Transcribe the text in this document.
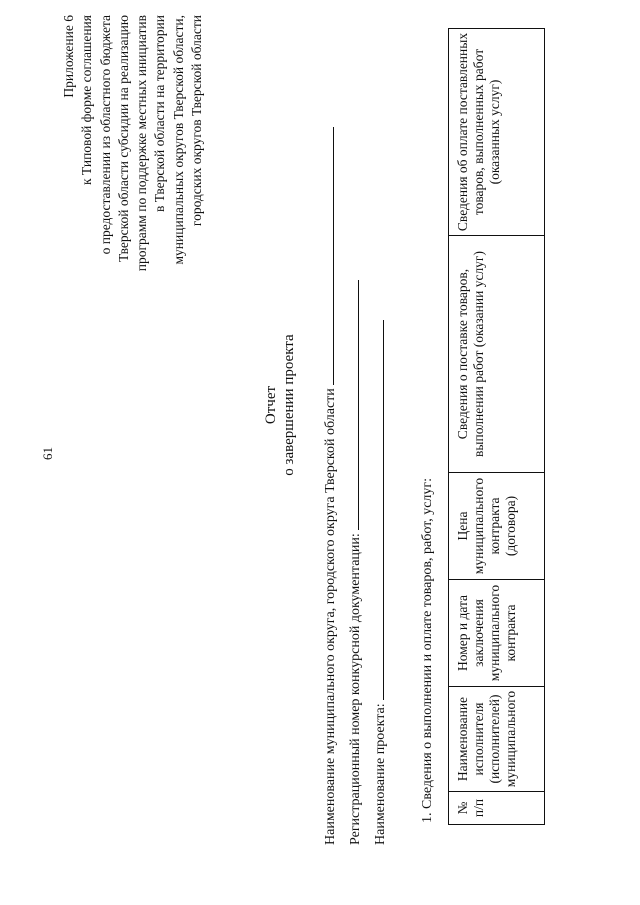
61
Приложение 6 к Типовой форме соглашения о предоставлении из областного бюджета Тверской области субсидии на реализацию программ по поддержке местных инициатив в Тверской области на территории муниципальных округов Тверской области, городских округов Тверской области
Отчет о завершении проекта Наименование муниципального округа, городского округа Тверской области Регистрационный номер конкурсной документации: Наименование проекта: 1. Сведения о выполнении и оплате товаров, работ, услуг: № п/п	Наименование исполнителя (исполнителей) муниципального	Номер и дата заключения муниципального контракта	Цена муниципального контракта (договора)	Сведения о поставке товаров, выполнении работ (оказании услуг)	Сведения об оплате поставленных товаров, выполненных работ (оказанных услуг)
